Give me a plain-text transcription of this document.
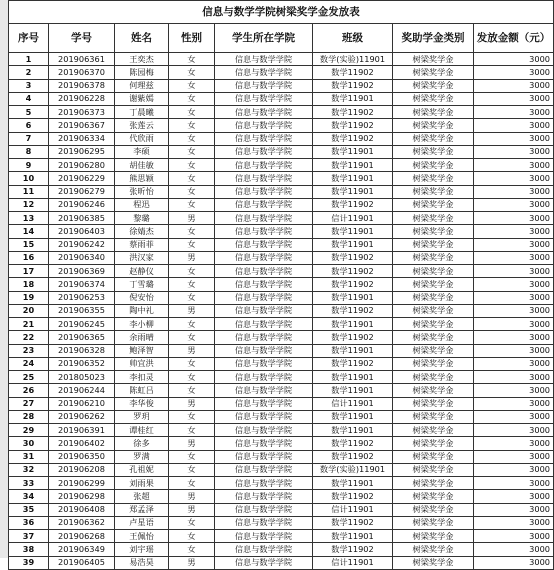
信息与数学学院树梁奖学金发放表							
序号	学号	姓名	性别	学生所在学院	班级	奖助学金类别	发放金额（元）
1	201906361	王奕杰	女	信息与数学学院	数学(实验)11901	树梁奖学金	3000
2	201906370	陈园梅	女	信息与数学学院	数学11902	树梁奖学金	3000
3	201906378	何理兹	女	信息与数学学院	数学11902	树梁奖学金	3000
4	201906228	谢紫嫣	女	信息与数学学院	数学11901	树梁奖学金	3000
5	201906373	丁晨曦	女	信息与数学学院	数学11902	树梁奖学金	3000
6	201906367	张莲云	女	信息与数学学院	数学11902	树梁奖学金	3000
7	201906334	代欣雨	女	信息与数学学院	数学11902	树梁奖学金	3000
8	201906295	李硕	女	信息与数学学院	数学11901	树梁奖学金	3000
9	201906280	胡佳敏	女	信息与数学学院	数学11901	树梁奖学金	3000
10	201906229	熊思颖	女	信息与数学学院	数学11901	树梁奖学金	3000
11	201906279	张昕怡	女	信息与数学学院	数学11901	树梁奖学金	3000
12	201906246	程迅	女	信息与数学学院	数学11902	树梁奖学金	3000
13	201906385	黎璐	男	信息与数学学院	信计11901	树梁奖学金	3000
14	201906403	徐婧杰	女	信息与数学学院	数学11901	树梁奖学金	3000
15	201906242	蔡雨菲	女	信息与数学学院	数学11901	树梁奖学金	3000
16	201906340	洪汉家	男	信息与数学学院	数学11902	树梁奖学金	3000
17	201906369	赵静仪	女	信息与数学学院	数学11902	树梁奖学金	3000
18	201906374	丁雪璐	女	信息与数学学院	数学11902	树梁奖学金	3000
19	201906253	倪安怡	女	信息与数学学院	数学11901	树梁奖学金	3000
20	201906355	陶中礼	男	信息与数学学院	数学11902	树梁奖学金	3000
21	201906245	李小柳	女	信息与数学学院	数学11901	树梁奖学金	3000
22	201906365	余雨晴	女	信息与数学学院	数学11902	树梁奖学金	3000
23	201906328	鲍泽智	男	信息与数学学院	数学11901	树梁奖学金	3000
24	201906352	帅宜洪	女	信息与数学学院	数学11902	树梁奖学金	3000
25	201805023	李扣灵	女	信息与数学学院	数学11901	树梁奖学金	3000
26	201906244	陈虹吕	女	信息与数学学院	数学11901	树梁奖学金	3000
27	201906210	李华俊	男	信息与数学学院	信计11901	树梁奖学金	3000
28	201906262	罗玥	女	信息与数学学院	数学11901	树梁奖学金	3000
29	201906391	谭桂红	女	信息与数学学院	数学11901	树梁奖学金	3000
30	201906402	徐多	男	信息与数学学院	数学11902	树梁奖学金	3000
31	201906350	罗满	女	信息与数学学院	数学11902	树梁奖学金	3000
32	201906208	孔祖妮	女	信息与数学学院	数学(实验)11901	树梁奖学金	3000
33	201906299	刘雨果	女	信息与数学学院	数学11901	树梁奖学金	3000
34	201906298	张超	男	信息与数学学院	数学11902	树梁奖学金	3000
35	201906408	郑孟泽	男	信息与数学学院	信计11901	树梁奖学金	3000
36	201906362	卢星语	女	信息与数学学院	数学11902	树梁奖学金	3000
37	201906268	王佩怡	女	信息与数学学院	数学11901	树梁奖学金	3000
38	201906349	刘宇瑶	女	信息与数学学院	数学11902	树梁奖学金	3000
39	201906405	易浩昊	男	信息与数学学院	信计11901	树梁奖学金	3000
